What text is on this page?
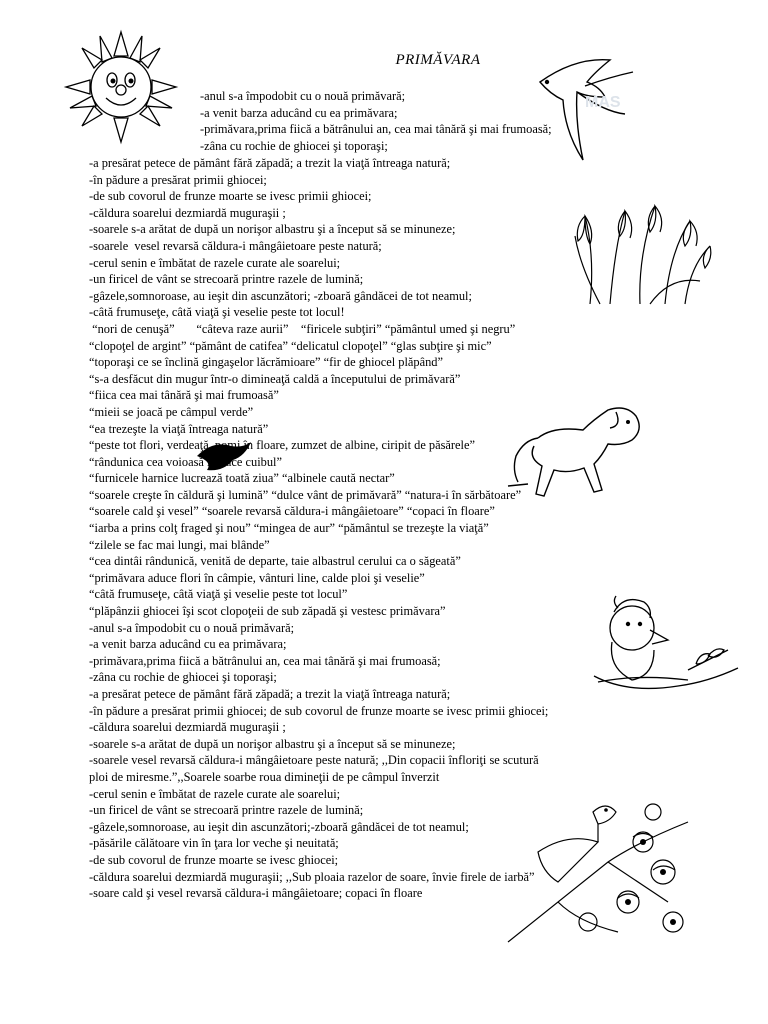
MAS
PRIMĂVARA
-anul s-a împodobit cu o nouă primăvară;
-a venit barza aducând cu ea primăvara;
-primăvara,prima fiică a bătrânului an, cea mai tânără şi mai frumoasă;
-zâna cu rochie de ghiocei şi toporaşi;
-a presărat petece de pământ fără zăpadă; a trezit la viaţă întreaga natură;
-în pădure a presărat primii ghiocei;
-de sub covorul de frunze moarte se ivesc primii ghiocei;
-căldura soarelui dezmiardă muguraşii ;
-soarele s-a arătat de după un norişor albastru şi a început să se minuneze;
-soarele  vesel revarsă căldura-i mângâietoare peste natură;
-cerul senin e îmbătat de razele curate ale soarelui;
-un firicel de vânt se strecoară printre razele de lumină;
-gâzele,somnoroase, au ieşit din ascunzători; -zboară gândăcei de tot neamul;
-câtă frumuseţe, câtă viaţă şi veselie peste tot locul!
“nori de cenuşă”       “câteva raze aurii”    “firicele subţiri” “pământul umed şi negru”
“clopoţel de argint” “pământ de catifea” “delicatul clopoţel” “glas subţire şi mic”
“toporaşi ce se înclină gingaşelor lăcrămioare” “fir de ghiocel plăpând”
“s-a desfăcut din mugur într-o dimineaţă caldă a începutului de primăvară”
“fiica cea mai tânără şi mai frumoasă”
“mieii se joacă pe câmpul verde”
“ea trezeşte la viaţă întreaga natură”
“peste tot flori, verdeaţă, pomi în floare, zumzet de albine, ciripit de păsărele”
“rândunica cea voioasă îşi face cuibul”
“furnicele harnice lucrează toată ziua” “albinele caută nectar”
“soarele creşte în căldură şi lumină” “dulce vânt de primăvară” “natura-i în sărbătoare”
“soarele cald şi vesel” “soarele revarsă căldura-i mângâietoare” “copaci în floare”
“iarba a prins colţ fraged şi nou” “mingea de aur” “pământul se trezeşte la viaţă”
“zilele se fac mai lungi, mai blânde”
“cea dintâi rândunică, venită de departe, taie albastrul cerului ca o săgeată”
“primăvara aduce flori în câmpie, vânturi line, calde ploi şi veselie”
“câtă frumuseţe, câtă viaţă şi veselie peste tot locul”
“plăpânzii ghiocei îşi scot clopoţeii de sub zăpadă şi vestesc primăvara”
-anul s-a împodobit cu o nouă primăvară;
-a venit barza aducând cu ea primăvara;
-primăvara,prima fiică a bătrânului an, cea mai tânără şi mai frumoasă;
-zâna cu rochie de ghiocei şi toporaşi;
-a presărat petece de pământ fără zăpadă; a trezit la viaţă întreaga natură;
-în pădure a presărat primii ghiocei; de sub covorul de frunze moarte se ivesc primii ghiocei;
-căldura soarelui dezmiardă muguraşii ;
-soarele s-a arătat de după un norişor albastru şi a început să se minuneze;
-soarele vesel revarsă căldura-i mângâietoare peste natură; ,,Din copacii înfloriţi se scutură
ploi de miresme.”,,Soarele soarbe roua dimineţii de pe câmpul înverzit
-cerul senin e îmbătat de razele curate ale soarelui;
-un firicel de vânt se strecoară printre razele de lumină;
-gâzele,somnoroase, au ieşit din ascunzători;-zboară gândăcei de tot neamul;
-păsările călătoare vin în ţara lor veche şi neuitată;
-de sub covorul de frunze moarte se ivesc ghiocei;
-căldura soarelui dezmiardă muguraşii; ,,Sub ploaia razelor de soare, învie firele de iarbă”
-soare cald şi vesel revarsă căldura-i mângâietoare; copaci în floare
